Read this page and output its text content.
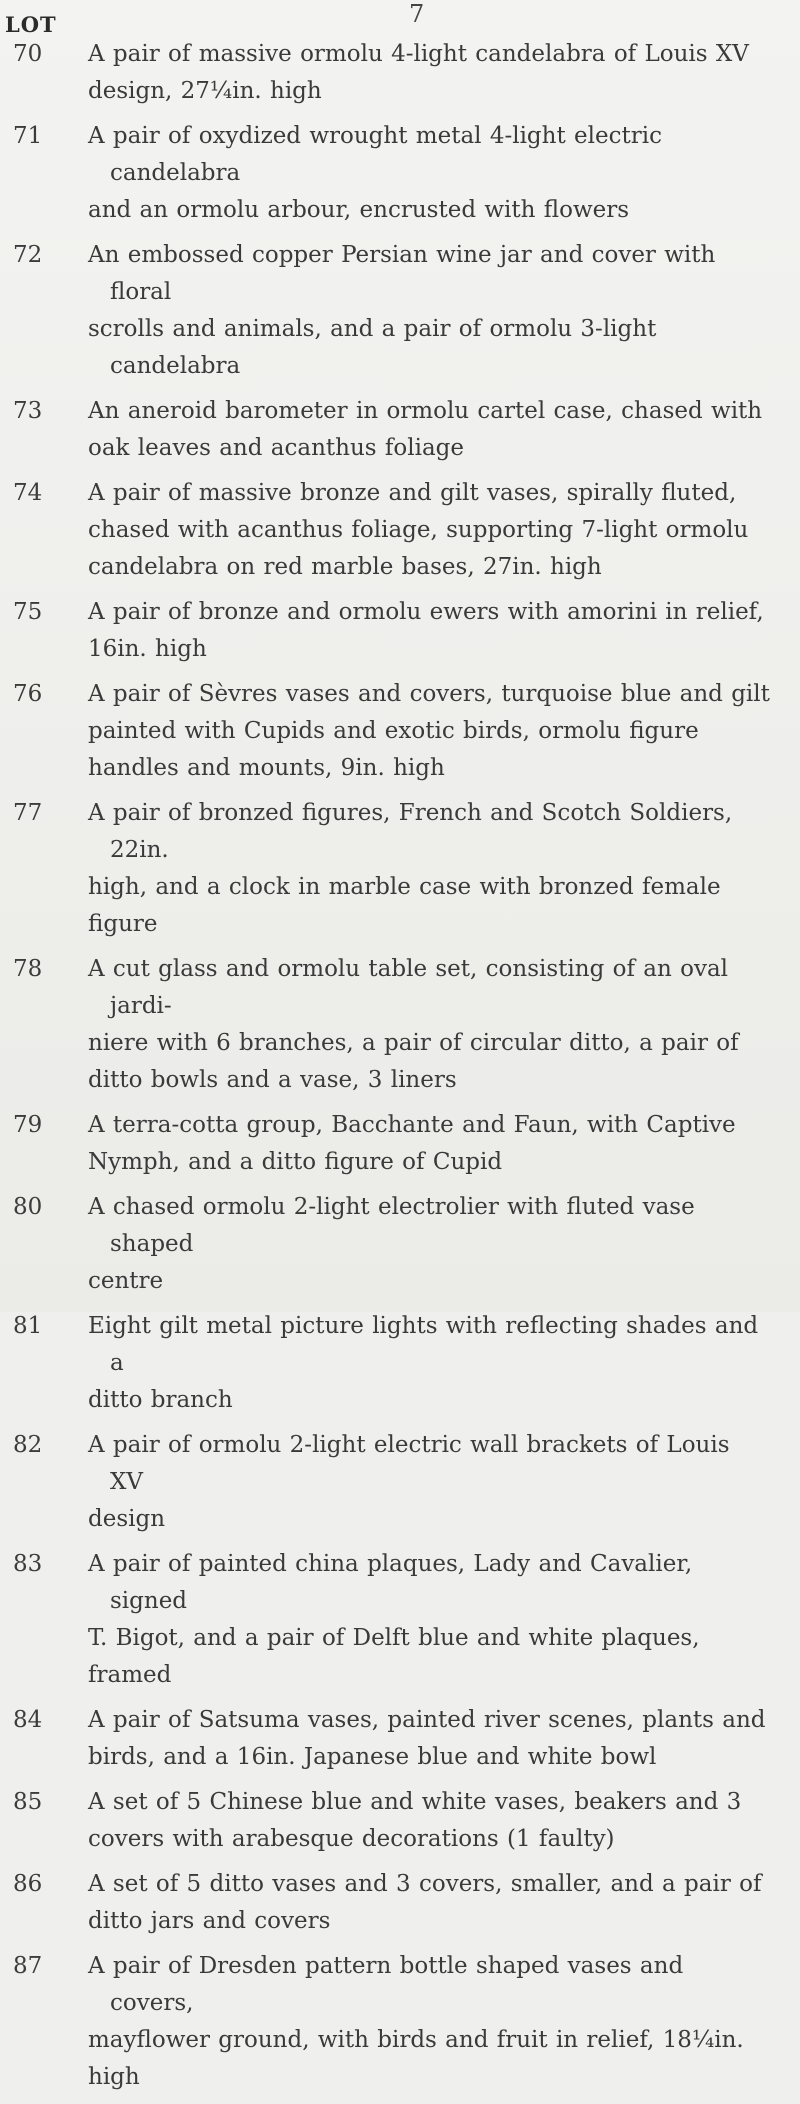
7
LOT
70	A pair of massive ormolu 4-light candelabra of Louis XV
design, 27¼in. high
71	A pair of oxydized wrought metal 4-light electric candelabra
and an ormolu arbour, encrusted with flowers
72	An embossed copper Persian wine jar and cover with floral
scrolls and animals, and a pair of ormolu 3-light candelabra
73	An aneroid barometer in ormolu cartel case, chased with
oak leaves and acanthus foliage
74	A pair of massive bronze and gilt vases, spirally fluted,
chased with acanthus foliage, supporting 7-light ormolu
candelabra on red marble bases, 27in. high
75	A pair of bronze and ormolu ewers with amorini in relief,
16in. high
76	A pair of Sèvres vases and covers, turquoise blue and gilt
painted with Cupids and exotic birds, ormolu figure
handles and mounts, 9in. high
77	A pair of bronzed figures, French and Scotch Soldiers, 22in.
high, and a clock in marble case with bronzed female
figure
78	A cut glass and ormolu table set, consisting of an oval jardi-
niere with 6 branches, a pair of circular ditto, a pair of
ditto bowls and a vase, 3 liners
79	A terra-cotta group, Bacchante and Faun, with Captive
Nymph, and a ditto figure of Cupid
80	A chased ormolu 2-light electrolier with fluted vase shaped
centre
81	Eight gilt metal picture lights with reflecting shades and a
ditto branch
82	A pair of ormolu 2-light electric wall brackets of Louis XV
design
83	A pair of painted china plaques, Lady and Cavalier, signed
T. Bigot, and a pair of Delft blue and white plaques,
framed
84	A pair of Satsuma vases, painted river scenes, plants and
birds, and a 16in. Japanese blue and white bowl
85	A set of 5 Chinese blue and white vases, beakers and 3
covers with arabesque decorations (1 faulty)
86	A set of 5 ditto vases and 3 covers, smaller, and a pair of
ditto jars and covers
87	A pair of Dresden pattern bottle shaped vases and covers,
mayflower ground, with birds and fruit in relief, 18¼in.
high
